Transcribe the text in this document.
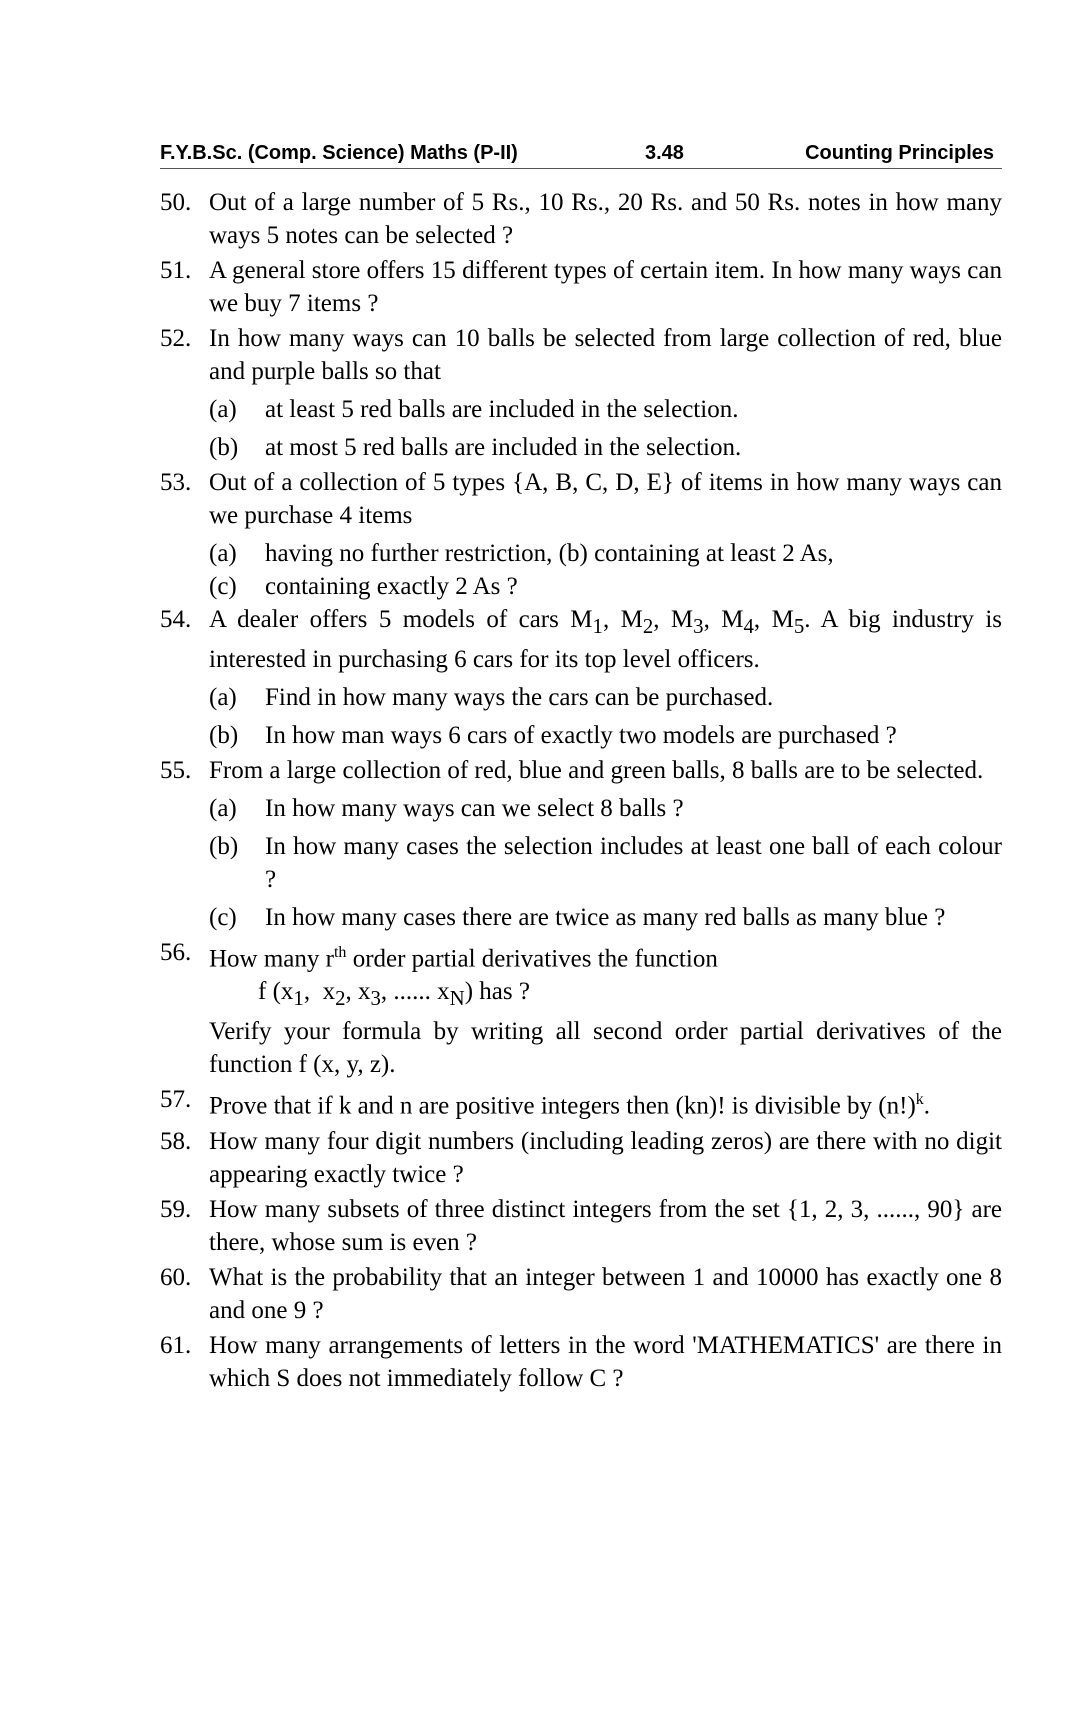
F.Y.B.Sc. (Comp. Science) Maths (P-II)	3.48	Counting Principles
50. Out of a large number of 5 Rs., 10 Rs., 20 Rs. and 50 Rs. notes in how many ways 5 notes can be selected ?

51. A general store offers 15 different types of certain item. In how many ways can we buy 7 items ?

52. In how many ways can 10 balls be selected from large collection of red, blue and purple balls so that

(a) at least 5 red balls are included in the selection.
(b) at most 5 red balls are included in the selection.
53. Out of a collection of 5 types {A, B, C, D, E} of items in how many ways can we purchase 4 items

(a) having no further restriction, (b) containing at least 2 As,
(c) containing exactly 2 As ?
54. A dealer offers 5 models of cars $M_1$, $M_2$, $M_3$, $M_4$, $M_5$. A big industry is interested in purchasing 6 cars for its top level officers.

(a) Find in how many ways the cars can be purchased.
(b) In how man ways 6 cars of exactly two models are purchased ?
55. From a large collection of red, blue and green balls, 8 balls are to be selected.

(a) In how many ways can we select 8 balls ?
(b) In how many cases the selection includes at least one ball of each colour ?
(c) In how many cases there are twice as many red balls as many blue ?
56. How many $r^{th}$ order partial derivatives the function

f ($x_1$,  $x_2$, $x_3$, ...... $x_N$) has ?

Verify your formula by writing all second order partial derivatives of the function f (x, y, z).

57. Prove that if k and n are positive integers then (kn)! is divisible by $(n!)^k$.

58. How many four digit numbers (including leading zeros) are there with no digit appearing exactly twice ?

59. How many subsets of three distinct integers from the set {1, 2, 3, ......, 90} are there, whose sum is even ?

60. What is the probability that an integer between 1 and 10000 has exactly one 8 and one 9 ?

61. How many arrangements of letters in the word 'MATHEMATICS' are there in which S does not immediately follow C ?
